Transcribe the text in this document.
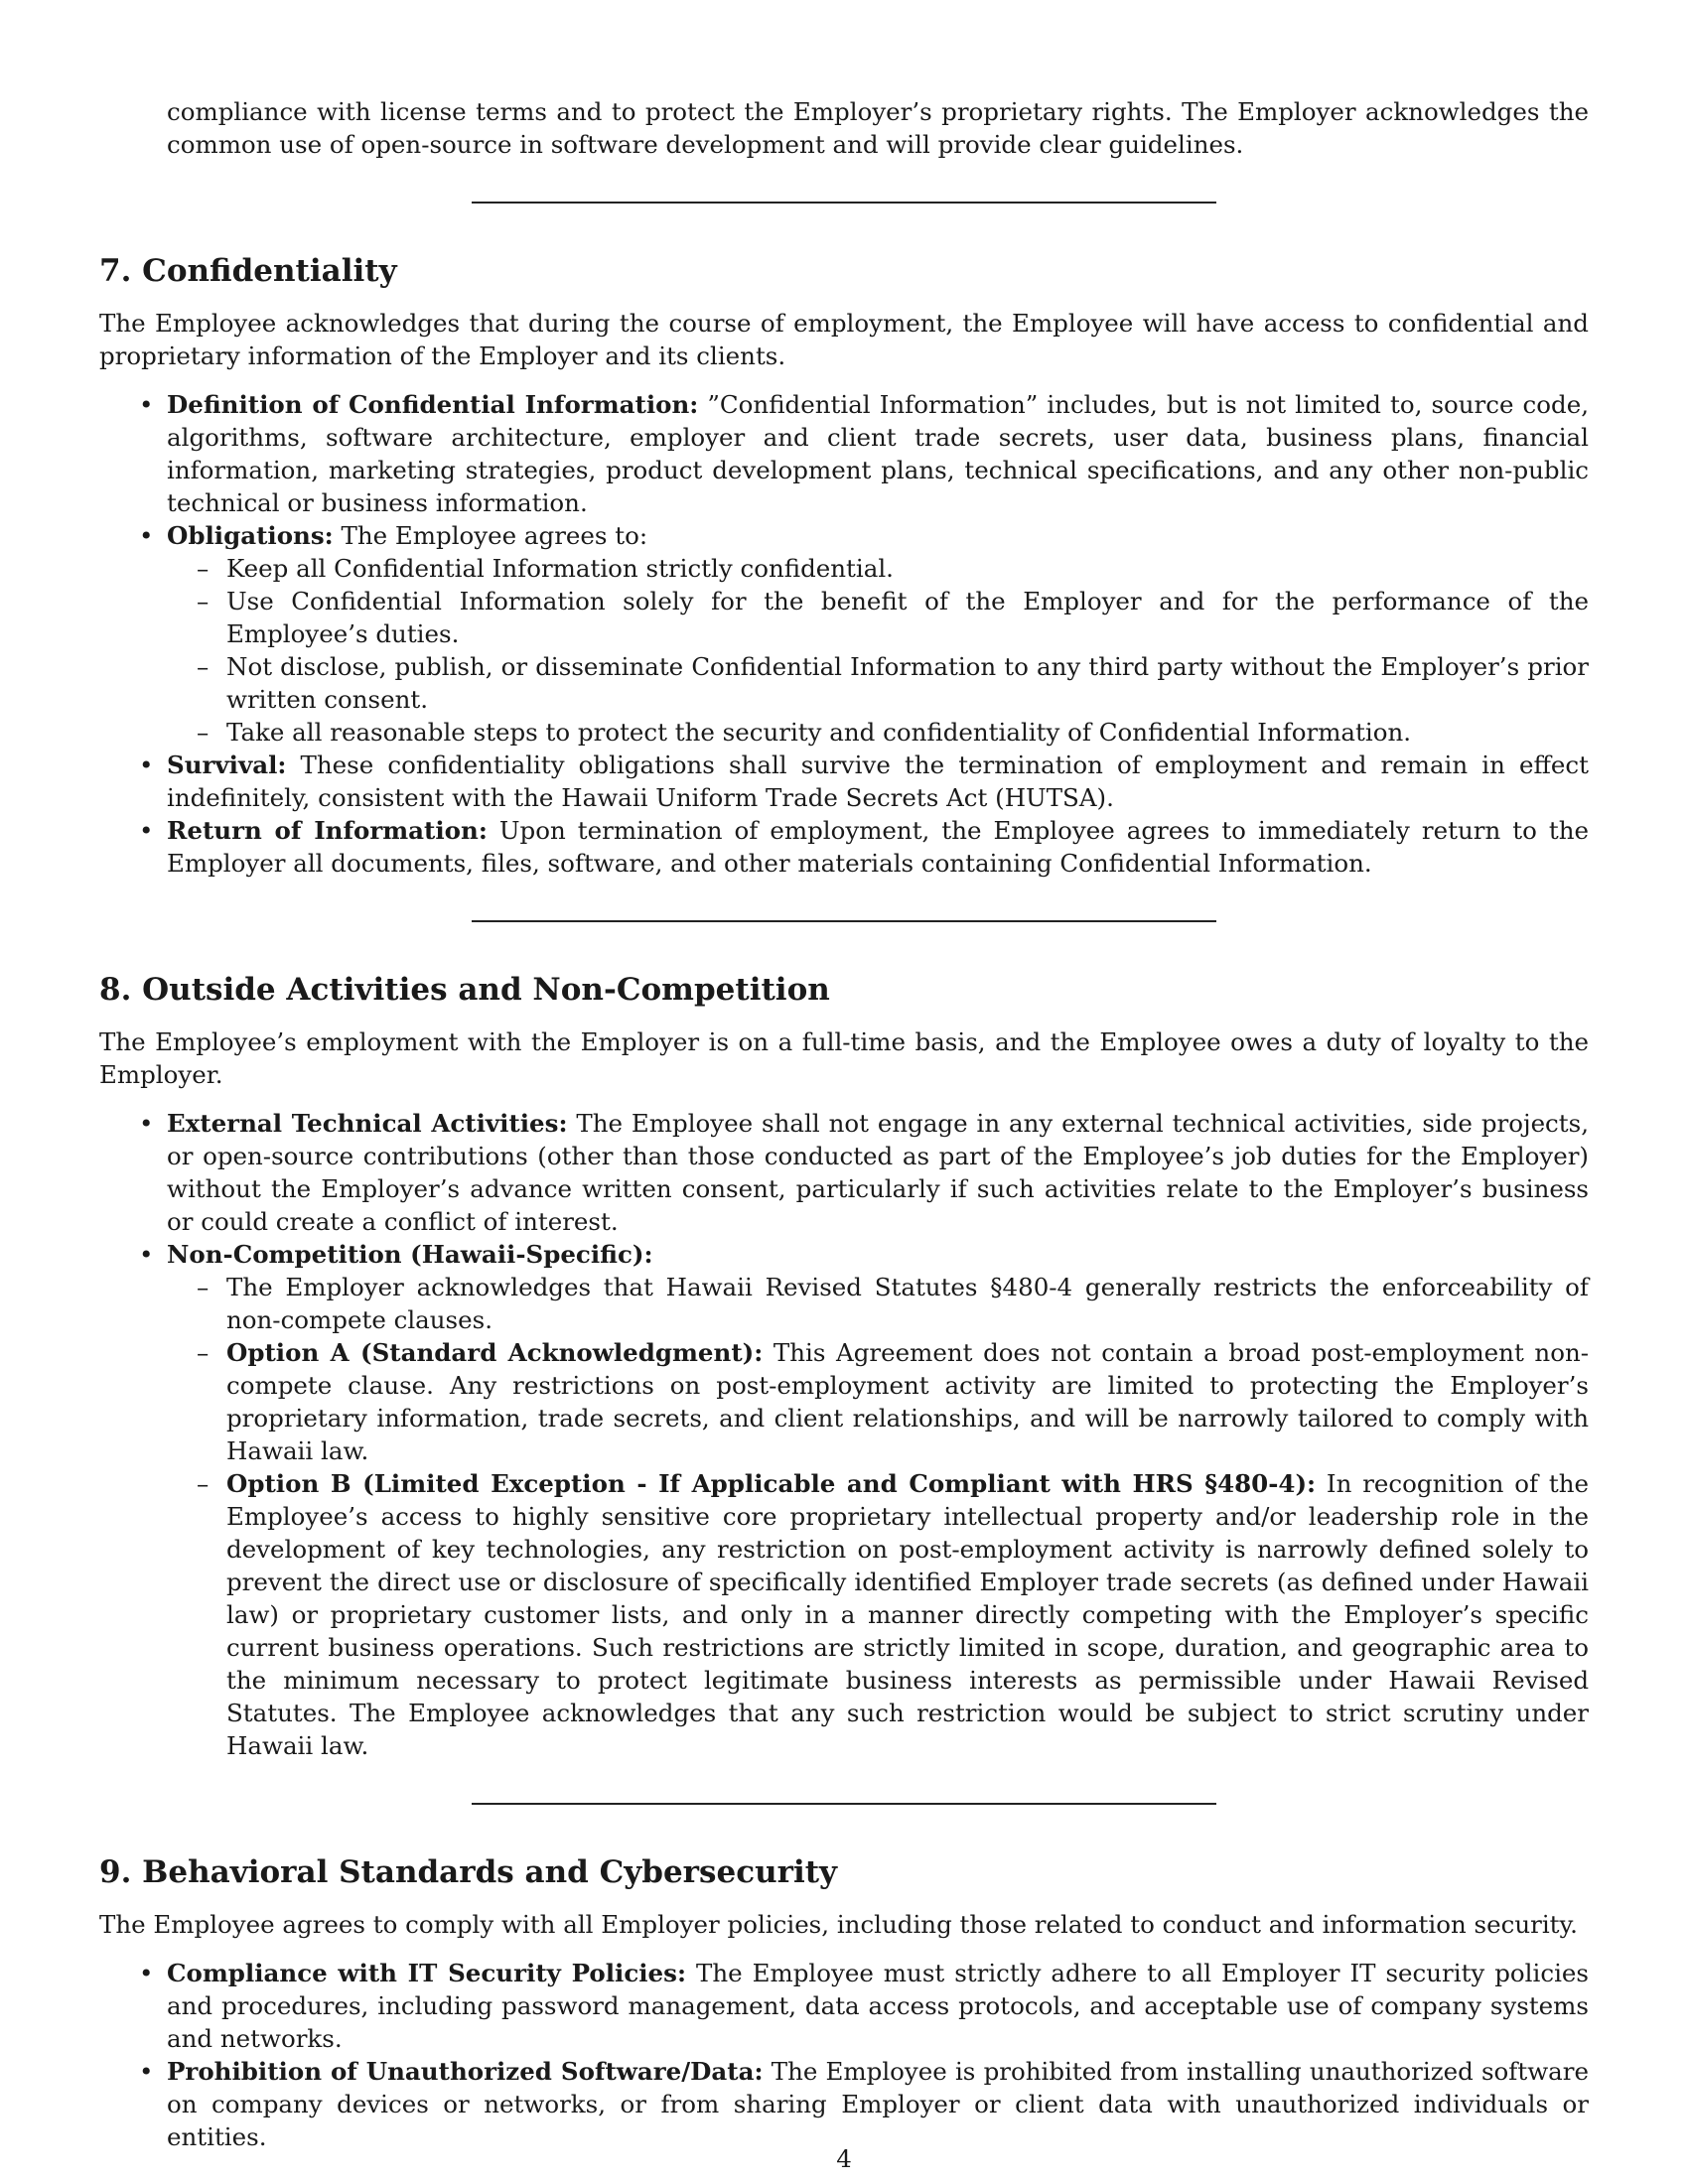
compliance with license terms and to protect the Employer’s proprietary rights. The Employer acknowledges the common use of open-source in software development and will provide clear guidelines.

7. Confidentiality

The Employee acknowledges that during the course of employment, the Employee will have access to confidential and proprietary information of the Employer and its clients.

• Definition of Confidential Information: ”Confidential Information” includes, but is not limited to, source code, algorithms, software architecture, employer and client trade secrets, user data, business plans, financial information, marketing strategies, product development plans, technical specifications, and any other non-public technical or business information.
• Obligations: The Employee agrees to:
– Keep all Confidential Information strictly confidential.
– Use Confidential Information solely for the benefit of the Employer and for the performance of the Employee’s duties.
– Not disclose, publish, or disseminate Confidential Information to any third party without the Employer’s prior written consent.
– Take all reasonable steps to protect the security and confidentiality of Confidential Information.
• Survival: These confidentiality obligations shall survive the termination of employment and remain in effect indefinitely, consistent with the Hawaii Uniform Trade Secrets Act (HUTSA).
• Return of Information: Upon termination of employment, the Employee agrees to immediately return to the Employer all documents, files, software, and other materials containing Confidential Information.
8. Outside Activities and Non-Competition

The Employee’s employment with the Employer is on a full-time basis, and the Employee owes a duty of loyalty to the Employer.

• External Technical Activities: The Employee shall not engage in any external technical activities, side projects, or open-source contributions (other than those conducted as part of the Employee’s job duties for the Employer) without the Employer’s advance written consent, particularly if such activities relate to the Employer’s business or could create a conflict of interest.
• Non-Competition (Hawaii-Specific):
– The Employer acknowledges that Hawaii Revised Statutes §480-4 generally restricts the enforceability of non-compete clauses.
– Option A (Standard Acknowledgment): This Agreement does not contain a broad post-employment non-compete clause. Any restrictions on post-employment activity are limited to protecting the Employer’s proprietary information, trade secrets, and client relationships, and will be narrowly tailored to comply with Hawaii law.
– Option B (Limited Exception - If Applicable and Compliant with HRS §480-4): In recognition of the Employee’s access to highly sensitive core proprietary intellectual property and/or leadership role in the development of key technologies, any restriction on post-employment activity is narrowly defined solely to prevent the direct use or disclosure of specifically identified Employer trade secrets (as defined under Hawaii law) or proprietary customer lists, and only in a manner directly competing with the Employer’s specific current business operations. Such restrictions are strictly limited in scope, duration, and geographic area to the minimum necessary to protect legitimate business interests as permissible under Hawaii Revised Statutes. The Employee acknowledges that any such restriction would be subject to strict scrutiny under Hawaii law.
9. Behavioral Standards and Cybersecurity

The Employee agrees to comply with all Employer policies, including those related to conduct and information security.

• Compliance with IT Security Policies: The Employee must strictly adhere to all Employer IT security policies and procedures, including password management, data access protocols, and acceptable use of company systems and networks.
• Prohibition of Unauthorized Software/Data: The Employee is prohibited from installing unauthorized software on company devices or networks, or from sharing Employer or client data with unauthorized individuals or entities.
4
